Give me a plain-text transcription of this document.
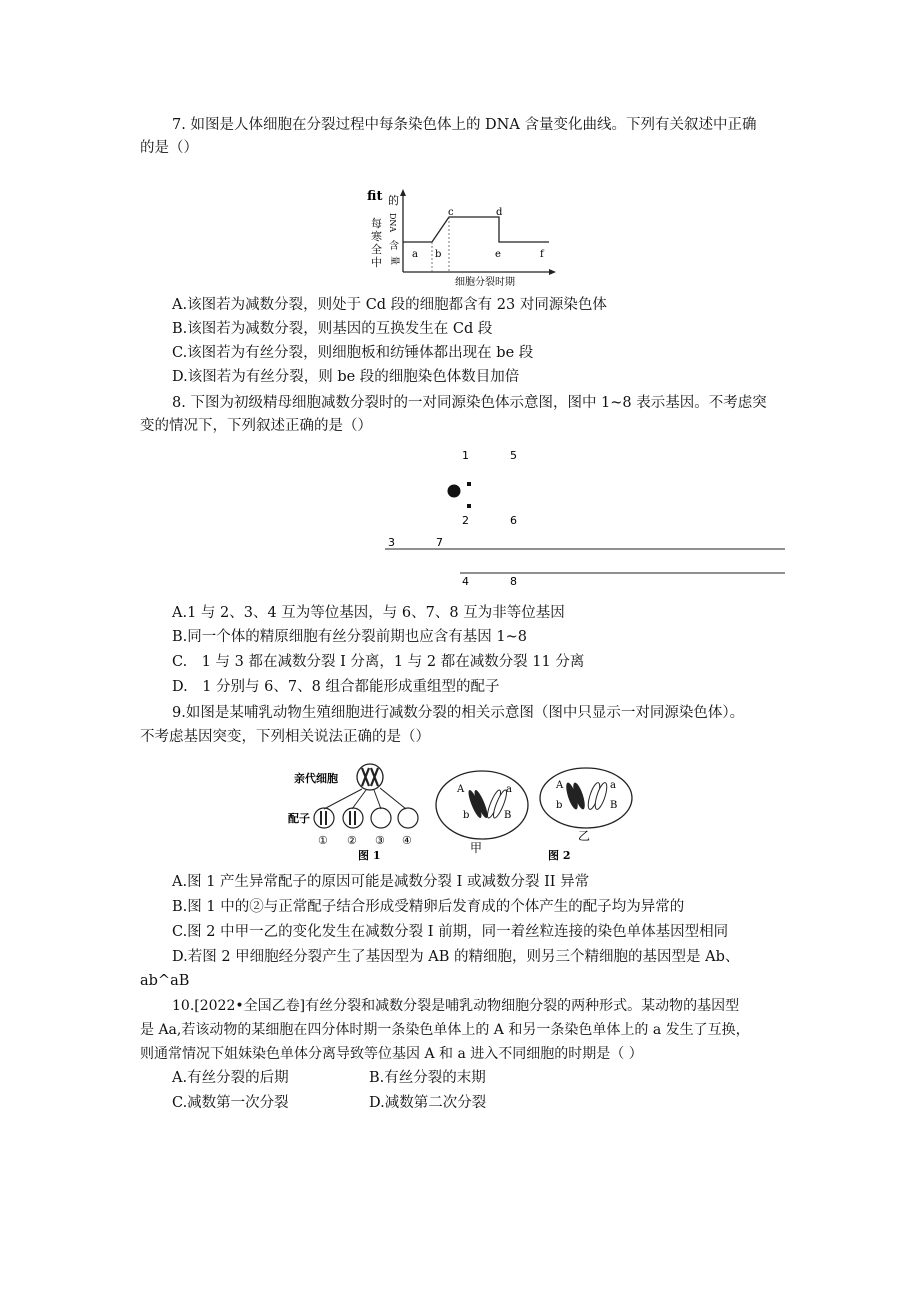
7. 如图是人体细胞在分裂过程中每条染色体上的 DNA 含量变化曲线。下列有关叙述中正确
的是（）
fit
每
寒
全
中
的
DNA
含
量
a b
c	d
e	f
细胞分裂时期
A.该图若为减数分裂，则处于 Cd 段的细胞都含有 23 对同源染色体
B.该图若为减数分裂，则基因的互换发生在 Cd 段
C.该图若为有丝分裂，则细胞板和纺锤体都出现在 be 段
D.该图若为有丝分裂，则 be 段的细胞染色体数目加倍
8. 下图为初级精母细胞减数分裂时的一对同源染色体示意图，图中 1~8 表示基因。不考虑突
变的情况下，下列叙述正确的是（）
1	5
2	6
3	7
4	8
A.1 与 2、3、4 互为等位基因，与 6、7、8 互为非等位基因
B.同一个体的精原细胞有丝分裂前期也应含有基因 1~8
C.　1 与 3 都在减数分裂 I 分离，1 与 2 都在减数分裂 11 分离
D.　1 分别与 6、7、8 组合都能形成重组型的配子
9.如图是某哺乳动物生殖细胞进行减数分裂的相关示意图（图中只显示一对同源染色体）。
不考虑基因突变，下列相关说法正确的是（）
亲代细胞
配子
① ② ③ ④
图 1
A
b
a
B
甲
A
b
a
B
乙
图 2
A.图 1 产生异常配子的原因可能是减数分裂 I 或减数分裂 II 异常
B.图 1 中的②与正常配子结合形成受精卵后发育成的个体产生的配子均为异常的
C.图 2 中甲一乙的变化发生在减数分裂 I 前期，同一着丝粒连接的染色单体基因型相同
D.若图 2 甲细胞经分裂产生了基因型为 AB 的精细胞，则另三个精细胞的基因型是 Ab、
ab^aB
10.[2022•全国乙卷]有丝分裂和减数分裂是哺乳动物细胞分裂的两种形式。某动物的基因型
是 Aa,若该动物的某细胞在四分体时期一条染色单体上的 A 和另一条染色单体上的 a 发生了互换，
则通常情况下姐妹染色单体分离导致等位基因 A 和 a 进入不同细胞的时期是（ ）
A.有丝分裂的后期	B.有丝分裂的末期
C.减数第一次分裂	D.减数第二次分裂
